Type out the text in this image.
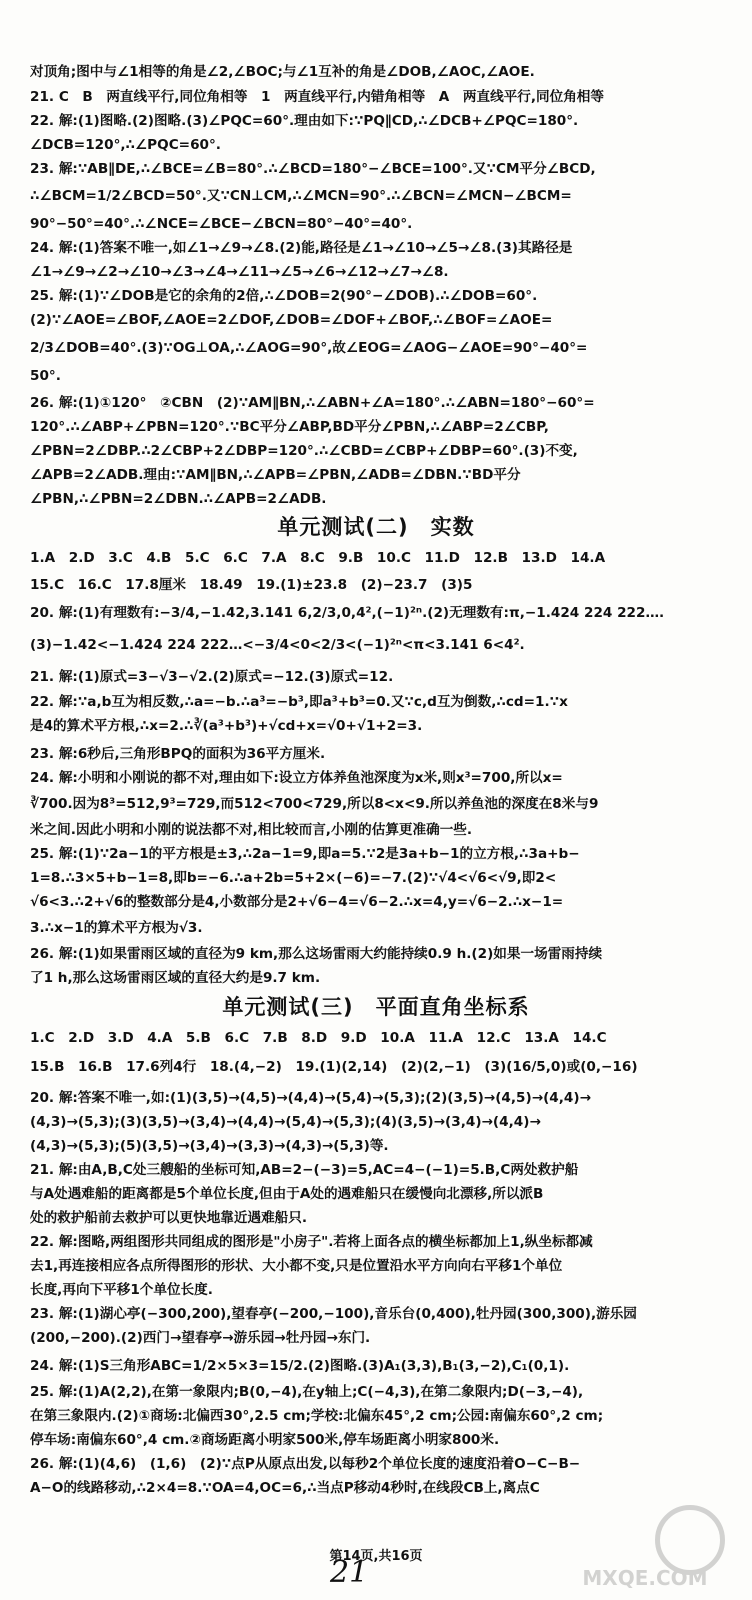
对顶角;图中与∠1相等的角是∠2,∠BOC;与∠1互补的角是∠DOB,∠AOC,∠AOE.
21. C　B　两直线平行,同位角相等　1　两直线平行,内错角相等　A　两直线平行,同位角相等
22. 解:(1)图略.(2)图略.(3)∠PQC=60°.理由如下:∵PQ∥CD,∴∠DCB+∠PQC=180°.
∠DCB=120°,∴∠PQC=60°.
23. 解:∵AB∥DE,∴∠BCE=∠B=80°.∴∠BCD=180°−∠BCE=100°.又∵CM平分∠BCD,
∴∠BCM=1/2∠BCD=50°.又∵CN⊥CM,∴∠MCN=90°.∴∠BCN=∠MCN−∠BCM=
90°−50°=40°.∴∠NCE=∠BCE−∠BCN=80°−40°=40°.
24. 解:(1)答案不唯一,如∠1→∠9→∠8.(2)能,路径是∠1→∠10→∠5→∠8.(3)其路径是
∠1→∠9→∠2→∠10→∠3→∠4→∠11→∠5→∠6→∠12→∠7→∠8.
25. 解:(1)∵∠DOB是它的余角的2倍,∴∠DOB=2(90°−∠DOB).∴∠DOB=60°.
(2)∵∠AOE=∠BOF,∠AOE=2∠DOF,∠DOB=∠DOF+∠BOF,∴∠BOF=∠AOE=
2/3∠DOB=40°.(3)∵OG⊥OA,∴∠AOG=90°,故∠EOG=∠AOG−∠AOE=90°−40°=
50°.
26. 解:(1)①120°　②CBN　(2)∵AM∥BN,∴∠ABN+∠A=180°.∴∠ABN=180°−60°=
120°.∴∠ABP+∠PBN=120°.∵BC平分∠ABP,BD平分∠PBN,∴∠ABP=2∠CBP,
∠PBN=2∠DBP.∴2∠CBP+2∠DBP=120°.∴∠CBD=∠CBP+∠DBP=60°.(3)不变,
∠APB=2∠ADB.理由:∵AM∥BN,∴∠APB=∠PBN,∠ADB=∠DBN.∵BD平分
∠PBN,∴∠PBN=2∠DBN.∴∠APB=2∠ADB.
单元测试(二)　实数
1.A　2.D　3.C　4.B　5.C　6.C　7.A　8.C　9.B　10.C　11.D　12.B　13.D　14.A
15.C　16.C　17.8厘米　18.49　19.(1)±23.8　(2)−23.7　(3)5
20. 解:(1)有理数有:−3/4,−1.42,3.141 6,2/3,0,4²,(−1)²ⁿ.(2)无理数有:π,−1.424 224 222….
(3)−1.42<−1.424 224 222…<−3/4<0<2/3<(−1)²ⁿ<π<3.141 6<4².
21. 解:(1)原式=3−√3−√2.(2)原式=−12.(3)原式=12.
22. 解:∵a,b互为相反数,∴a=−b.∴a³=−b³,即a³+b³=0.又∵c,d互为倒数,∴cd=1.∵x
是4的算术平方根,∴x=2.∴∛(a³+b³)+√cd+x=√0+√1+2=3.
23. 解:6秒后,三角形BPQ的面积为36平方厘米.
24. 解:小明和小刚说的都不对,理由如下:设立方体养鱼池深度为x米,则x³=700,所以x=
∛700.因为8³=512,9³=729,而512<700<729,所以8<x<9.所以养鱼池的深度在8米与9
米之间.因此小明和小刚的说法都不对,相比较而言,小刚的估算更准确一些.
25. 解:(1)∵2a−1的平方根是±3,∴2a−1=9,即a=5.∵2是3a+b−1的立方根,∴3a+b−
1=8.∴3×5+b−1=8,即b=−6.∴a+2b=5+2×(−6)=−7.(2)∵√4<√6<√9,即2<
√6<3.∴2+√6的整数部分是4,小数部分是2+√6−4=√6−2.∴x=4,y=√6−2.∴x−1=
3.∴x−1的算术平方根为√3.
26. 解:(1)如果雷雨区域的直径为9 km,那么这场雷雨大约能持续0.9 h.(2)如果一场雷雨持续
了1 h,那么这场雷雨区域的直径大约是9.7 km.
单元测试(三)　平面直角坐标系
1.C　2.D　3.D　4.A　5.B　6.C　7.B　8.D　9.D　10.A　11.A　12.C　13.A　14.C
15.B　16.B　17.6列4行　18.(4,−2)　19.(1)(2,14)　(2)(2,−1)　(3)(16/5,0)或(0,−16)
20. 解:答案不唯一,如:(1)(3,5)→(4,5)→(4,4)→(5,4)→(5,3);(2)(3,5)→(4,5)→(4,4)→
(4,3)→(5,3);(3)(3,5)→(3,4)→(4,4)→(5,4)→(5,3);(4)(3,5)→(3,4)→(4,4)→
(4,3)→(5,3);(5)(3,5)→(3,4)→(3,3)→(4,3)→(5,3)等.
21. 解:由A,B,C处三艘船的坐标可知,AB=2−(−3)=5,AC=4−(−1)=5.B,C两处救护船
与A处遇难船的距离都是5个单位长度,但由于A处的遇难船只在缓慢向北漂移,所以派B
处的救护船前去救护可以更快地靠近遇难船只.
22. 解:图略,两组图形共同组成的图形是"小房子".若将上面各点的横坐标都加上1,纵坐标都减
去1,再连接相应各点所得图形的形状、大小都不变,只是位置沿水平方向向右平移1个单位
长度,再向下平移1个单位长度.
23. 解:(1)湖心亭(−300,200),望春亭(−200,−100),音乐台(0,400),牡丹园(300,300),游乐园
(200,−200).(2)西门→望春亭→游乐园→牡丹园→东门.
24. 解:(1)S三角形ABC=1/2×5×3=15/2.(2)图略.(3)A₁(3,3),B₁(3,−2),C₁(0,1).
25. 解:(1)A(2,2),在第一象限内;B(0,−4),在y轴上;C(−4,3),在第二象限内;D(−3,−4),
在第三象限内.(2)①商场:北偏西30°,2.5 cm;学校:北偏东45°,2 cm;公园:南偏东60°,2 cm;
停车场:南偏东60°,4 cm.②商场距离小明家500米,停车场距离小明家800米.
26. 解:(1)(4,6)　(1,6)　(2)∵点P从原点出发,以每秒2个单位长度的速度沿着O−C−B−
A−O的线路移动,∴2×4=8.∵OA=4,OC=6,∴当点P移动4秒时,在线段CB上,离点C
第14页,共16页
21	MXQE.COM
